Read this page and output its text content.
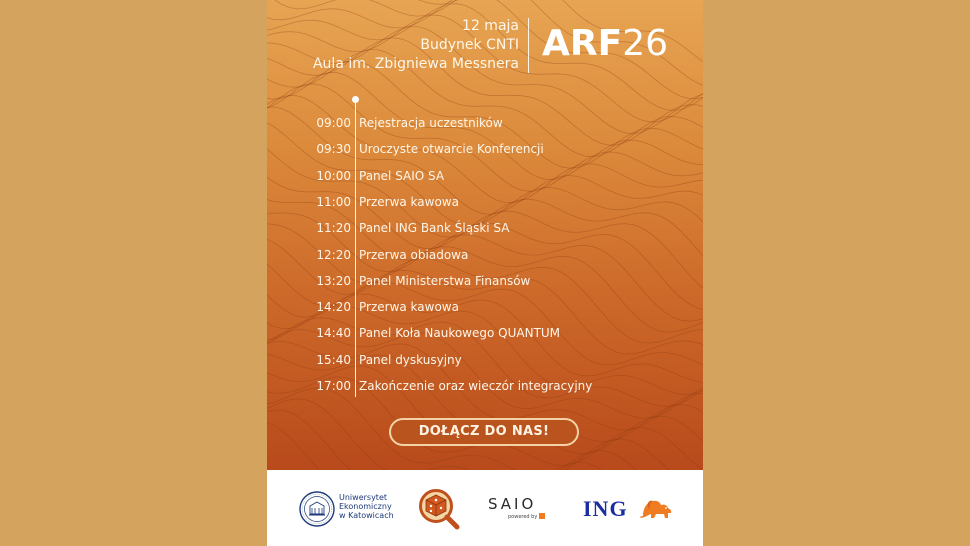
12 maja
Budynek CNTI
Aula im. Zbigniewa Messnera ARF26
09:00 Rejestracja uczestników
09:30 Uroczyste otwarcie Konferencji
10:00 Panel SAIO SA
11:00 Przerwa kawowa
11:20 Panel ING Bank Śląski SA
12:20 Przerwa obiadowa
13:20 Panel Ministerstwa Finansów
14:20 Przerwa kawowa
14:40 Panel Koła Naukowego QUANTUM
15:40 Panel dyskusyjny
17:00 Zakończenie oraz wieczór integracyjny
DOŁĄCZ DO NAS!
Uniwersytet
Ekonomiczny
w Katowicach
SAIO
powered by	ING
